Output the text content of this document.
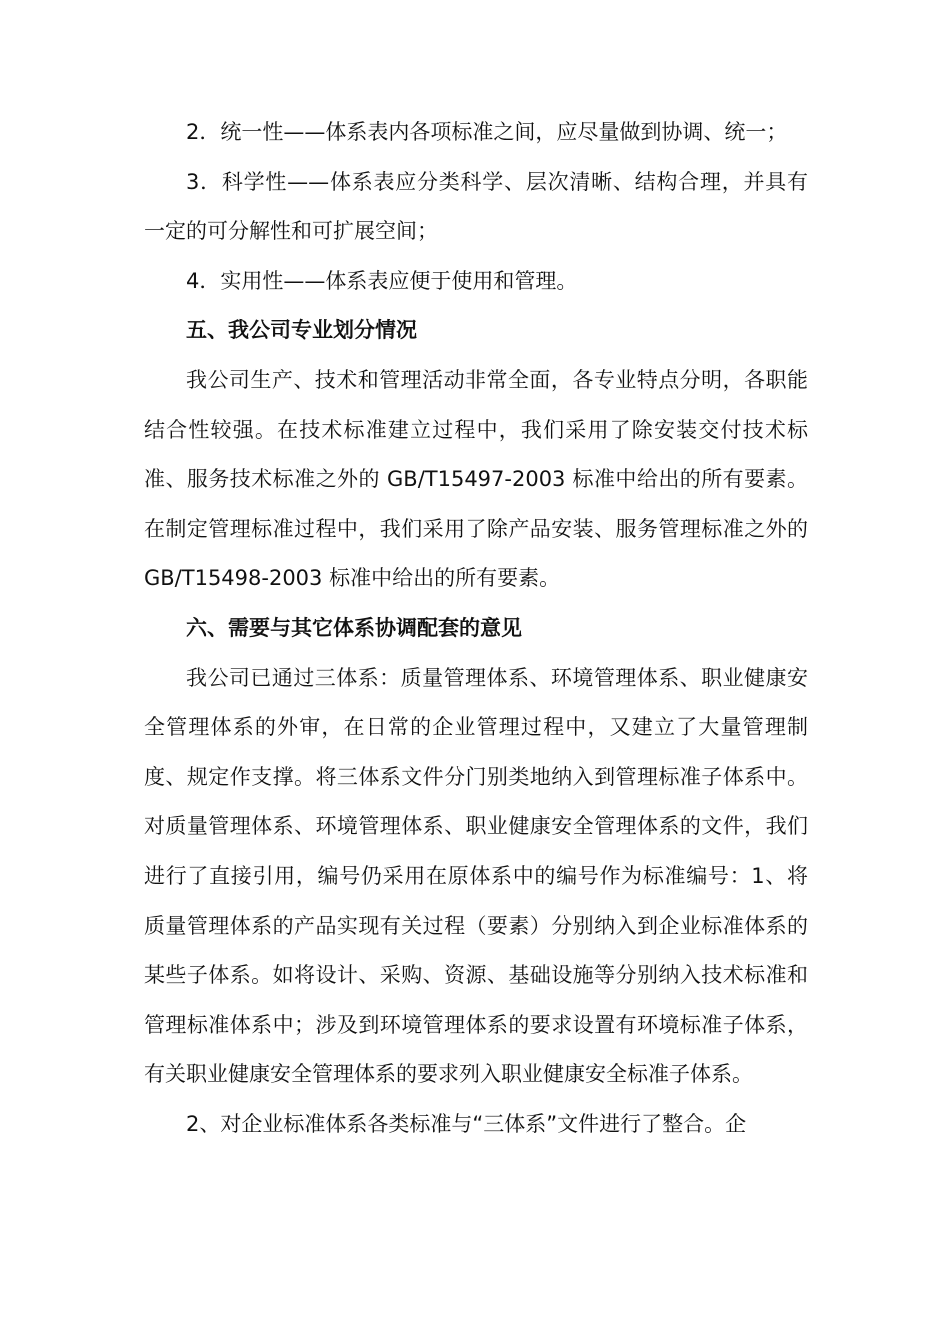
2．统一性——体系表内各项标准之间，应尽量做到协调、统一；

3．科学性——体系表应分类科学、层次清晰、结构合理，并具有一定的可分解性和可扩展空间；

4．实用性——体系表应便于使用和管理。

五、我公司专业划分情况

我公司生产、技术和管理活动非常全面，各专业特点分明，各职能结合性较强。在技术标准建立过程中，我们采用了除安装交付技术标准、服务技术标准之外的 GB/T15497-2003 标准中给出的所有要素。在制定管理标准过程中，我们采用了除产品安装、服务管理标准之外的 GB/T15498-2003 标准中给出的所有要素。

六、需要与其它体系协调配套的意见

我公司已通过三体系：质量管理体系、环境管理体系、职业健康安全管理体系的外审，在日常的企业管理过程中，又建立了大量管理制度、规定作支撑。将三体系文件分门别类地纳入到管理标准子体系中。对质量管理体系、环境管理体系、职业健康安全管理体系的文件，我们进行了直接引用，编号仍采用在原体系中的编号作为标准编号：1、将质量管理体系的产品实现有关过程（要素）分别纳入到企业标准体系的某些子体系。如将设计、采购、资源、基础设施等分别纳入技术标准和管理标准体系中；涉及到环境管理体系的要求设置有环境标准子体系，有关职业健康安全管理体系的要求列入职业健康安全标准子体系。

2、对企业标准体系各类标准与“三体系”文件进行了整合。企
